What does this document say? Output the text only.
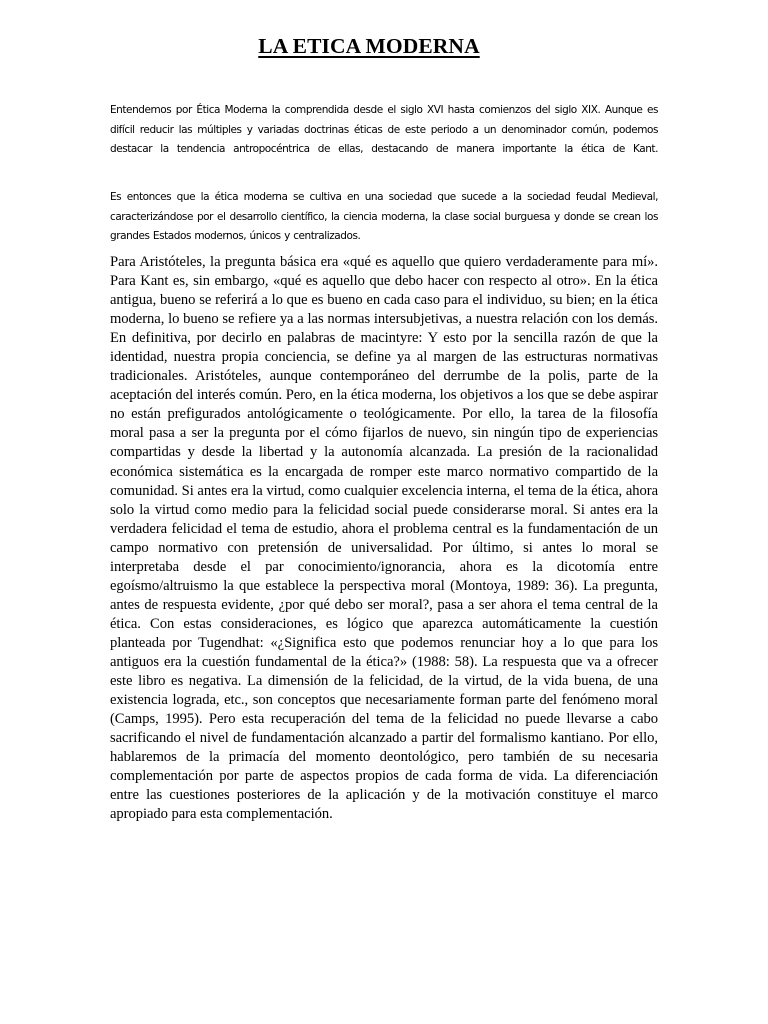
LA ETICA MODERNA

Entendemos por Ética Moderna la comprendida desde el siglo XVI hasta comienzos del siglo XIX. Aunque es difícil reducir las múltiples y variadas doctrinas éticas de este periodo a un denominador común, podemos destacar la tendencia antropocéntrica de ellas, destacando de manera importante la ética de Kant.

Es entonces que la ética moderna se cultiva en una sociedad que sucede a la sociedad feudal Medieval, caracterizándose por el desarrollo científico, la ciencia moderna, la clase social burguesa y donde se crean los grandes Estados modernos, únicos y centralizados.

Para Aristóteles, la pregunta básica era «qué es aquello que quiero verdaderamente para mí». Para Kant es, sin embargo, «qué es aquello que debo hacer con respecto al otro». En la ética antigua, bueno se referirá a lo que es bueno en cada caso para el individuo, su bien; en la ética moderna, lo bueno se refiere ya a las normas intersubjetivas, a nuestra relación con los demás. En definitiva, por decirlo en palabras de macintyre: Y esto por la sencilla razón de que la identidad, nuestra propia conciencia, se define ya al margen de las estructuras normativas tradicionales. Aristóteles, aunque contemporáneo del derrumbe de la polis, parte de la aceptación del interés común. Pero, en la ética moderna, los objetivos a los que se debe aspirar no están prefigurados antológicamente o teológicamente. Por ello, la tarea de la filosofía moral pasa a ser la pregunta por el cómo fijarlos de nuevo, sin ningún tipo de experiencias compartidas y desde la libertad y la autonomía alcanzada. La presión de la racionalidad económica sistemática es la encargada de romper este marco normativo compartido de la comunidad. Si antes era la virtud, como cualquier excelencia interna, el tema de la ética, ahora solo la virtud como medio para la felicidad social puede considerarse moral. Si antes era la verdadera felicidad el tema de estudio, ahora el problema central es la fundamentación de un campo normativo con pretensión de universalidad. Por último, si antes lo moral se interpretaba desde el par conocimiento/ignorancia, ahora es la dicotomía entre egoísmo/altruismo la que establece la perspectiva moral (Montoya, 1989: 36). La pregunta, antes de respuesta evidente, ¿por qué debo ser moral?, pasa a ser ahora el tema central de la ética. Con estas consideraciones, es lógico que aparezca automáticamente la cuestión planteada por Tugendhat: «¿Significa esto que podemos renunciar hoy a lo que para los antiguos era la cuestión fundamental de la ética?» (1988: 58). La respuesta que va a ofrecer este libro es negativa. La dimensión de la felicidad, de la virtud, de la vida buena, de una existencia lograda, etc., son conceptos que necesariamente forman parte del fenómeno moral (Camps, 1995). Pero esta recuperación del tema de la felicidad no puede llevarse a cabo sacrificando el nivel de fundamentación alcanzado a partir del formalismo kantiano. Por ello, hablaremos de la primacía del momento deontológico, pero también de su necesaria complementación por parte de aspectos propios de cada forma de vida. La diferenciación entre las cuestiones posteriores de la aplicación y de la motivación constituye el marco apropiado para esta complementación.
